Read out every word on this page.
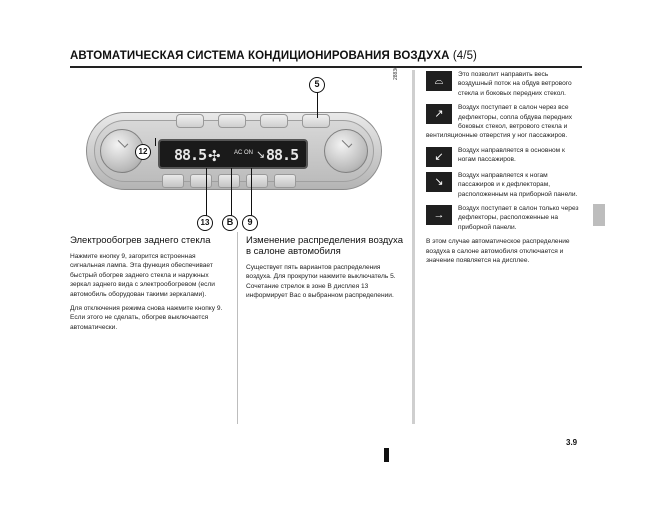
АВТОМАТИЧЕСКАЯ СИСТЕМА КОНДИЦИОНИРОВАНИЯ ВОЗДУХА (4/5)
28836
88.5 ✣ AC ON ↘ 88.5
5
12
13	B	9
Электрообогрев заднего стекла

Нажмите кнопку 9, загорится встроенная сигнальная лампа. Эта функция обеспечивает быстрый обогрев заднего стекла и наружных зеркал заднего вида с электрообогревом (если автомобиль оборудован такими зеркалами).

Для отключения режима снова нажмите кнопку 9. Если этого не сделать, обогрев выключается автоматически.

Изменение распределения воздуха в салоне автомобиля

Существует пять вариантов распределения воздуха. Для прокрутки нажмите выключатель 5. Сочетание стрелок в зоне B дисплея 13 информирует Вас о выбранном распределении.

⌓
Это позволит направить весь воздушный поток на обдув ветрового стекла и боковых передних стекол.
↗
Воздух поступает в салон через все дефлекторы, сопла обдува передних боковых стекол, ветрового стекла и вентиляционные отверстия у ног пассажиров.
↙
Воздух направляется в основном к ногам пассажиров.
↘
Воздух направляется к ногам пассажиров и к дефлекторам, расположенным на приборной панели.
→
Воздух поступает в салон только через дефлекторы, расположенные на приборной панели.

В этом случае автоматическое распределение воздуха в салоне автомобиля отключается и значение появляется на дисплее.

3.9
